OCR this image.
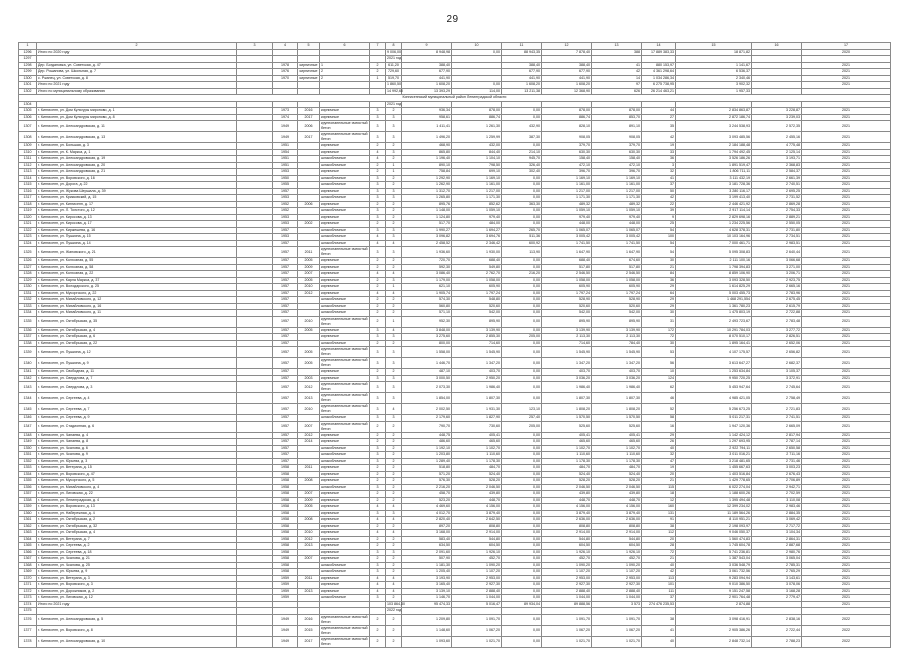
29
1	2	3	4	5	6	7	8	9	10	11	12	13	14	15	16	17
1296	Итого по 2020 году						9 006,00	8 948,98	0,00	88 943,35	7 878,40	388	17 889 383,33	18 871,82		2020
1297							2021 год									
1298	Дер. Богдановка, ул. Советская, д. 47		1978	кирпичные	1	2	611,20	388,40		388,40	388,40	41	880 153,97	1 141,67		2021
1299	Дер. Рошанова, ул. Школьная, д. 7		1976	кирпичные	2	2	729,60	677,90		677,90	677,90	42	4 361 298,64	6 536,37		2021
1300	с. Ржанец, ул. Советская, д. 8		1970	кирпичные	2	1	519,70	441,90		441,90	441,90	14	1 034 286,34	2 340,46		2021
1301	Итого по 2021 году						1 860,50	1 608,20	0,00	1 608,20	1 608,20	97	6 275 738,95	3 902,32		2021
1302	Итого по муниципальному образованию						14 992,60	13 393,29	114,00	13 211,38	12 368,90	626	26 214 463,21	1 957,33		
Кингисеппский муниципальный район Ленинградской области																
1304							2021 год									
1305	г. Кингисепп, ул. Дом Культуры мироново, д. 1		1973	2016	кирпичные	3	2	936,34	878,00	0,00	878,00	878,00	44	2 834 863,87	3 228,87	2021
1306	г. Кингисепп, ул. Дом Культуры мироново, д. 8		1974	2017	кирпичные	3	3	958,61	886,74	0,00	886,74	853,70	27	2 872 186,74	3 239,03	2021
1307	г. Кингисепп, ул. Александровская, д. 11		1949	2006	крупнопанельные ячеистый бетон	3	3	1 411,41	1 261,30	432,90	828,10	891,10	35	3 244 538,93	2 572,35	2021
1308	г. Кингисепп, ул. Александровская, д. 13		1949	2017	крупнопанельные ячеистый бетон	3	3	1 496,20	1 259,99	387,30	908,05	908,05	42	3 093 485,56	2 455,16	2021
1309	г. Кингисепп, ул. Большая, д. 3		1951		кирпичные	2	2	468,90	432,00	0,00	379,70	379,70	19	2 184 188,48	4 775,48	2021
1310	г. Кингисепп, ул. К. Маркса, д. 1		1954		кирпичные	4	3	865,80	844,40	214,10	630,30	630,30	33	1 794 492,45	2 125,14	2021
1311	г. Кингисепп, ул. Александровская, д. 19		1951		шлакоблочные	4	2	1 196,40	1 104,10	945,70	158,40	158,40	36	3 526 186,26	3 193,71	2021
1312	г. Кингисепп, ул. Александровская, д. 20		1951		шлакоблочные	2	1	890,10	798,50	326,40	472,10	472,10	3	1 891 519,47	2 368,83	2021
1313	г. Кингисепп, ул. Александровская, д. 21		1953		кирпичные	2	1	758,84	699,10	302,40	396,70	396,70	32	1 806 711,11	2 584,37	2021
1314	г. Кингисепп, ул. Воровского, д. 16		1950		шлакоблочные	3	2	1 292,90	1 169,10	0,00	1 169,10	1 169,10	41	3 111 432,19	2 661,39	2021
1315	г. Кингисепп, ул. Дорога, д. 22		1955		шлакоблочные	3	2	1 262,90	1 161,00	0,00	1 161,00	1 161,00	37	3 181 728,36	2 740,51	2021
1316	г. Кингисепп, ул. Жукова Шершала, д. 39		1957		кирпичные	3	3	1 312,70	1 217,00	0,00	1 217,00	1 217,00	50	3 280 116,17	2 695,25	2021
1317	г. Кингисепп, ул. Крикковский, д. 15		1953		шлакоблочные	3	3	1 265,80	1 171,30	0,00	1 171,30	1 171,30	42	3 199 413,40	2 731,52	2021
1318	г. Кингисепп, ул. Кингисепп, д. 17		1952	2006	кирпичные	2	2	895,76	852,62	363,30	489,32	489,32	22	2 446 421,92	2 869,28	2021
1319	г. Кингисепп, ул. Л. Толстого, д. 12		1952		шлакоблочные	3	2	1 148,00	1 059,10	0,00	1 059,10	1 059,10	39	2 917 114,14	2 754,33	2021
1320	г. Кингисепп, ул. Киросова, д. 13		1953		кирпичные	3	2	1 124,80	979,40	0,00	979,40	979,40	9	2 829 698,16	2 889,21	2021
1321	г. Кингисепп, ул. Киросова, д. 17		1953	2002	кирпичные	2	2	517,70	484,00	0,00	448,00	448,00	25	1 234 225,56	2 550,05	2021
1322	г. Кингисепп, ул. Киржешева, д. 16		1957		шлакоблочные	3	3	1 990,27	1 694,27	265,70	1 065,07	1 065,07	54	4 628 378,31	2 731,80	2021
1323	г. Кингисепп, ул. Пушкина, д. 15		1953		шлакоблочные	4	3	3 096,82	3 694,76	511,36	3 005,42	3 005,42	100	10 103 164,96	2 734,51	2021
1324	г. Кингисепп, ул. Пушкина, д. 14		1957		шлакоблочные	4	4	2 458,52	2 346,42	600,92	1 741,50	1 741,50	54	7 000 461,71	2 983,51	2021
1325	г. Кингисепп, ул. Жановского, д. 21		1957	2011	крупнопанельные ячеистый бетон	3	3	1 936,60	1 930,00	113,90	1 647,90	1 647,90	54	5 095 308,83	2 640,44	2021
1326	г. Кингисепп, ул. Колхозная, д. 55		1957	2005	кирпичные	2	2	720,70	688,40	0,00	688,40	674,60	30	2 111 100,16	3 066,68	2021
1327	г. Кингисепп, ул. Колхозная, д. 58		1957	2009	кирпичные	2	2	592,30	549,80	0,00	517,80	517,80	21	1 798 394,83	3 271,00	2021
1328	г. Кингисепп, ул. Колхозная, д. 22		1957	2007	кирпичные	4	4	3 086,40	2 762,70	216,20	2 546,50	2 546,50	84	8 859 106,90	3 206,71	2021
1329	г. Кингисепп, ул. Карла Маркса, д. 37		1957	2005	кирпичные	2	3	1 179,00	1 058,00	0,00	1 058,00	1 058,00	36	3 093 328,50	2 923,75	2021
1330	г. Кингисепп, ул. Володарского, д. 25		1957	2010	кирпичные	2	1	621,10	605,90	0,00	605,90	605,90	29	1 614 825,29	2 665,16	2021
1331	г. Кингисепп, ул. Мусоргского, д. 22		1957	2012	кирпичные	4	4	1 905,74	1 797,24	0,00	1 797,24	1 797,24	64	5 003 455,73	2 783,96	2021
1332	г. Кингисепп, ул. Михайловского, д. 12		1957		шлакоблочные	2	2	574,30	548,80	0,00	528,90	528,90	29	1 468 291,554	2 675,45	2021
1333	г. Кингисепп, ул. Михайловского, д. 16		1957		шлакоблочные	2	2	560,80	520,60	0,00	520,60	520,60	29	1 361 780,23	2 615,79	2021
1334	г. Кингисепп, ул. Михайловского, д. 11		1957		шлакоблочные	2	2	571,10	542,00	0,00	542,00	542,00	30	1 475 803,19	2 722,88	2021
1335	г. Кингисепп, ул. Октябрьская, д. 35		1957	2010	крупнопанельные ячеистый бетон	2	1	952,30	895,90	0,00	895,90	895,90	31	2 493 723,67	2 783,48	2021
1336	г. Кингисепп, ул. Октябрьская, д. 4		1957	2005	кирпичные	3	4	3 848,00	3 139,90	0,00	3 139,90	3 139,90	172	10 291 784,03	3 277,72	2021
1337	г. Кингисепп, ул. Октябрьская, д. 6		1957		кирпичные	3	3	3 275,60	2 855,30	205,00	2 113,30	2 113,30	72	8 070 510,17	2 826,51	2021
1338	г. Кингисепп, ул. Октябрьская, д. 22		1957		шлакоблочные	2	2	800,00	714,60	0,00	714,60	784,40	30	1 895 164,41	2 652,06	2021
1339	г. Кингисепп, ул. Пушкина, д. 12		1957	2005	крупнопанельные ячеистый бетон	3	3	1 558,00	1 545,90	0,00	1 545,90	1 545,90	53	4 107 175,57	2 656,82	2021
1340	г. Кингисепп, ул. Пушкина, д. 9		1957	2005	крупнопанельные ячеистый бетон	3	3	1 446,70	1 347,20	0,00	1 347,20	1 347,20	56	3 613 647,27	2 682,37	2021
1341	г. Кингисепп, ул. Свободная, д. 11		1957		кирпичные	2	2	487,10	403,70	0,00	403,70	403,70	10	1 253 634,84	3 105,37	2021
1342	г. Кингисепп, ул. Свердлова, д. 7		1957	2003	кирпичные	3	3	3 000,50	2 950,20	0,00	3 036,20	3 036,20	124	9 950 720,25	3 372,91	2021
1343	г. Кингисепп, ул. Свердлова, д. 3		1957	2012	крупнопанельные ячеистый бетон	3	3	2 073,30	1 986,40	0,00	1 986,40	1 986,40	62	5 453 947,64	2 745,64	2021
1344	г. Кингисепп, ул. Сергеева, д. 4		1957	2013	крупнопанельные ячеистый бетон	3	3	1 854,00	1 807,30	0,00	1 807,30	1 807,30	46	4 985 421,05	2 758,49	2021
1345	г. Кингисепп, ул. Сергеева, д. 7		1957	2010	крупнопанельные ячеистый бетон	3	4	2 002,50	1 931,30	123,10	1 808,20	1 808,20	52	5 256 673,25	2 721,83	2021
1346	г. Кингисепп, ул. Сергеева, д. 9		1957		шлакоблочные	3	3	2 179,60	1 827,90	257,40	1 570,50	1 570,50	58	5 011 217,31	2 741,51	2021
1347	г. Кингисепп, ул. Стадионная, д. 6		1957	2007	крупнопанельные ячеистый бетон	2	2	790,70	730,60	205,00	525,60	525,60	16	1 947 120,36	2 665,09	2021
1348	г. Кингисепп, ул. Чапаева, д. 4		1957	2012	кирпичные	2	2	448,75	405,41	0,00	405,41	405,41	29	1 142 424,12	2 817,94	2021
1349	г. Кингисепп, ул. Чапаева, д. 8		1957	2014	кирпичные	2	2	486,60	465,60	0,00	465,60	465,60	26	1 297 693,95	2 787,14	2021
1350	г. Кингисепп, ул. Чкалова, д. 6		1957		шлакоблочные	3	2	1 192,10	1 102,70	0,00	1 102,70	1 102,70	40	2 922 794,11	2 650,58	2021
1351	г. Кингисепп, ул. Чкалова, д. 9		1957		шлакоблочные	3	2	1 203,80	1 110,60	0,00	1 110,60	1 110,60	32	3 011 016,21	2 711,16	2021
1352	г. Кингисепп, ул. Юрьева, д. 3		1957		шлакоблочные	3	2	1 289,40	1 178,30	0,00	1 178,30	1 178,30	47	3 218 481,65	2 731,46	2021
1353	г. Кингисепп, ул. Ветерана, д. 15		1958	2011	кирпичные	2	2	518,80	484,70	0,00	484,70	484,70	19	1 455 667,63	3 003,23	2021
1354	г. Кингисепп, ул. Воровского, д. 47		1958		кирпичные	2	2	571,20	524,40	0,00	524,40	524,40	20	1 403 516,84	2 676,43	2021
1355	г. Кингисепп, ул. Мусоргского, д. 5		1958	2008	кирпичные	2	2	576,30	528,20	0,00	528,20	528,20	21	1 429 778,65	2 706,89	2021
1356	г. Кингисепп, ул. Михайловского, д. 4		1958		шлакоблочные	3	2	2 216,20	2 046,50	0,00	2 046,50	2 046,50	115	6 022 274,04	2 942,71	2021
1357	г. Кингисепп, ул. Лиговская, д. 22		1958	2007	кирпичные	2	2	458,70	439,80	0,00	439,80	439,80	18	1 188 600,26	2 702,59	2021
1358	г. Кингисепп, ул. Ленинградская, д. 4		1958	2009	кирпичные	2	2	523,20	448,70	0,00	448,70	448,70	12	1 395 494,48	3 110,08	2021
1359	г. Кингисепп, ул. Воровского, д. 13		1958	2005	кирпичные	4	4	4 469,60	4 156,00	0,00	4 156,00	4 156,00	160	12 399 234,02	2 983,46	2021
1360	г. Кингисепп, ул. Набережная, д. 4		1958		кирпичные	3	3	4 012,70	3 879,40	0,00	3 879,40	3 879,40	131	11 189 564,26	2 884,35	2021
1361	г. Кингисепп, ул. Октябрьская, д. 2		1958	2008	кирпичные	4	4	2 820,40	2 642,50	0,00	2 636,00	2 636,00	91	8 110 951,21	3 069,42	2021
1362	г. Кингисепп, ул. Октябрьская, д. 32		1958		кирпичные	2	2	897,20	808,80	0,00	808,80	808,80	38	2 198 093,97	2 717,72	2021
1363	г. Кингисепп, ул. Октябрьская, д. 4		1958	2010	кирпичные	4	4	3 168,00	2 914,00	0,00	2 914,00	2 914,00	112	9 046 050,37	3 104,34	2021
1364	г. Кингисепп, ул. Ветерана, д. 7		1958	2012	кирпичные	2	2	583,40	544,80	0,00	544,80	544,80	20	1 560 474,83	2 864,31	2021
1365	г. Кингисепп, ул. Сергеева, д. 2		1958	2013	кирпичные	2	2	634,50	604,50	0,00	604,50	604,50	28	1 745 604,78	2 887,68	2021
1366	г. Кингисепп, ул. Сергеева, д. 18		1958		кирпичные	3	3	2 091,60	1 926,10	0,00	1 926,10	1 926,10	72	5 741 236,81	2 980,76	2021
1367	г. Кингисепп, ул. Чкалова, д. 21		1958	2007	кирпичные	2	2	507,90	452,70	0,00	452,70	452,70	21	1 387 543,04	3 065,04	2021
1368	г. Кингисепп, ул. Чкалова, д. 25		1958		шлакоблочные	3	2	1 181,30	1 090,20	0,00	1 090,20	1 090,20	40	3 036 548,79	2 785,31	2021
1369	г. Кингисепп, ул. Юрьева, д. 9		1958		шлакоблочные	3	2	1 205,40	1 107,20	0,00	1 107,20	1 107,20	42	3 061 732,56	2 765,29	2021
1370	г. Кингисепп, ул. Ветерана, д. 3		1959	2011	кирпичные	4	4	3 193,90	2 953,00	0,00	2 953,00	2 953,00	113	9 283 094,94	3 143,61	2021
1371	г. Кингисепп, ул. Воровского, д. 3		1959		кирпичные	4	4	3 165,40	2 927,30	0,00	2 927,30	2 927,30	101	9 010 386,50	3 078,06	2021
1372	г. Кингисепп, ул. Дорожников, д. 2		1959	2013	кирпичные	4	4	3 139,10	2 888,40	0,00	2 888,40	2 888,40	111	9 151 247,58	3 168,28	2021
1373	г. Кингисепп, ул. Лиговская, д. 12		1959		шлакоблочные	3	2	1 146,70	1 044,00	0,00	1 044,00	1 044,00	37	2 901 764,48	2 779,47	2021
1374	Итого по 2021 году						103 864,30	95 474,33	5 016,47	89 934,04	89 888,56	3 573	274 476 235,53	2 874,88		2021
1375							2022 год									
1376	г. Кингисепп, ул. Александровская, д. 5		1949	2016	крупнопанельные ячеистый бетон	2	2	1 209,80	1 091,70	0,00	1 091,70	1 091,70	38	3 098 416,91	2 838,16	2022
1377	г. Кингисепп, ул. Воровского, д. 8		1949	2015	крупнопанельные ячеистый бетон	2	2	1 148,60	1 067,20	0,00	1 067,20	1 067,20	41	2 905 386,26	2 722,44	2022
1378	г. Кингисепп, ул. Александровская, д. 10		1949	2017	крупнопанельные ячеистый бетон	2	2	1 093,60	1 021,70	0,00	1 021,70	1 021,70	40	2 848 732,14	2 788,23	2022
